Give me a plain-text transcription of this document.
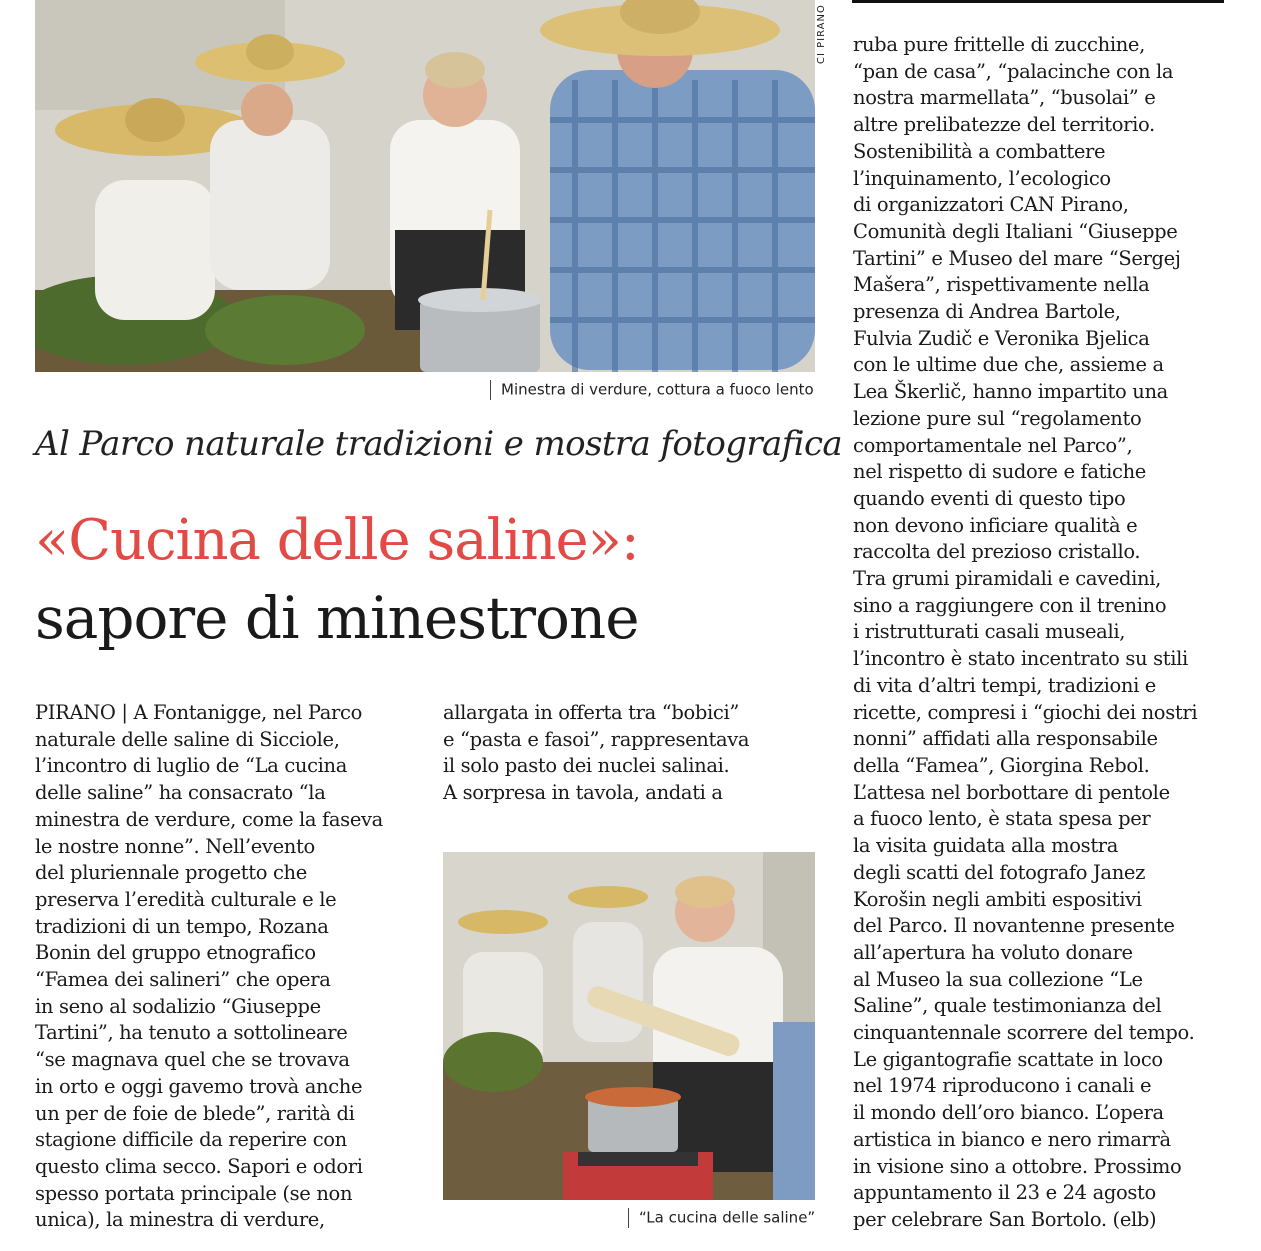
CI PIRANO
Minestra di verdure, cottura a fuoco lento
Al Parco naturale tradizioni e mostra fotografica
«Cucina delle saline»:
sapore di minestrone
PIRANO | A Fontanigge, nel Parco
naturale delle saline di Sicciole,
l’incontro di luglio de “La cucina
delle saline” ha consacrato “la
minestra de verdure, come la faseva
le nostre nonne”. Nell’evento
del pluriennale progetto che
preserva l’eredità culturale e le
tradizioni di un tempo, Rozana
Bonin del gruppo etnografico
“Famea dei salineri” che opera
in seno al sodalizio “Giuseppe
Tartini”, ha tenuto a sottolineare
“se magnava quel che se trovava
in orto e oggi gavemo trovà anche
un per de foie de blede”, rarità di
stagione difficile da reperire con
questo clima secco. Sapori e odori
spesso portata principale (se non
unica), la minestra di verdure,
allargata in offerta tra “bobici”
e “pasta e fasoi”, rappresentava
il solo pasto dei nuclei salinai.
A sorpresa in tavola, andati a
“La cucina delle saline”
ruba pure frittelle di zucchine,
“pan de casa”, “palacinche con la
nostra marmellata”, “busolai” e
altre prelibatezze del territorio.
Sostenibilità a combattere
l’inquinamento, l’ecologico
di organizzatori CAN Pirano,
Comunità degli Italiani “Giuseppe
Tartini” e Museo del mare “Sergej
Mašera”, rispettivamente nella
presenza di Andrea Bartole,
Fulvia Zudič e Veronika Bjelica
con le ultime due che, assieme a
Lea Škerlič, hanno impartito una
lezione pure sul “regolamento
comportamentale nel Parco”,
nel rispetto di sudore e fatiche
quando eventi di questo tipo
non devono inficiare qualità e
raccolta del prezioso cristallo.
Tra grumi piramidali e cavedini,
sino a raggiungere con il trenino
i ristrutturati casali museali,
l’incontro è stato incentrato su stili
di vita d’altri tempi, tradizioni e
ricette, compresi i “giochi dei nostri
nonni” affidati alla responsabile
della “Famea”, Giorgina Rebol.
L’attesa nel borbottare di pentole
a fuoco lento, è stata spesa per
la visita guidata alla mostra
degli scatti del fotografo Janez
Korošin negli ambiti espositivi
del Parco. Il novantenne presente
all’apertura ha voluto donare
al Museo la sua collezione “Le
Saline”, quale testimonianza del
cinquantennale scorrere del tempo.
Le gigantografie scattate in loco
nel 1974 riproducono i canali e
il mondo dell’oro bianco. L’opera
artistica in bianco e nero rimarrà
in visione sino a ottobre. Prossimo
appuntamento il 23 e 24 agosto
per celebrare San Bortolo. (elb)
